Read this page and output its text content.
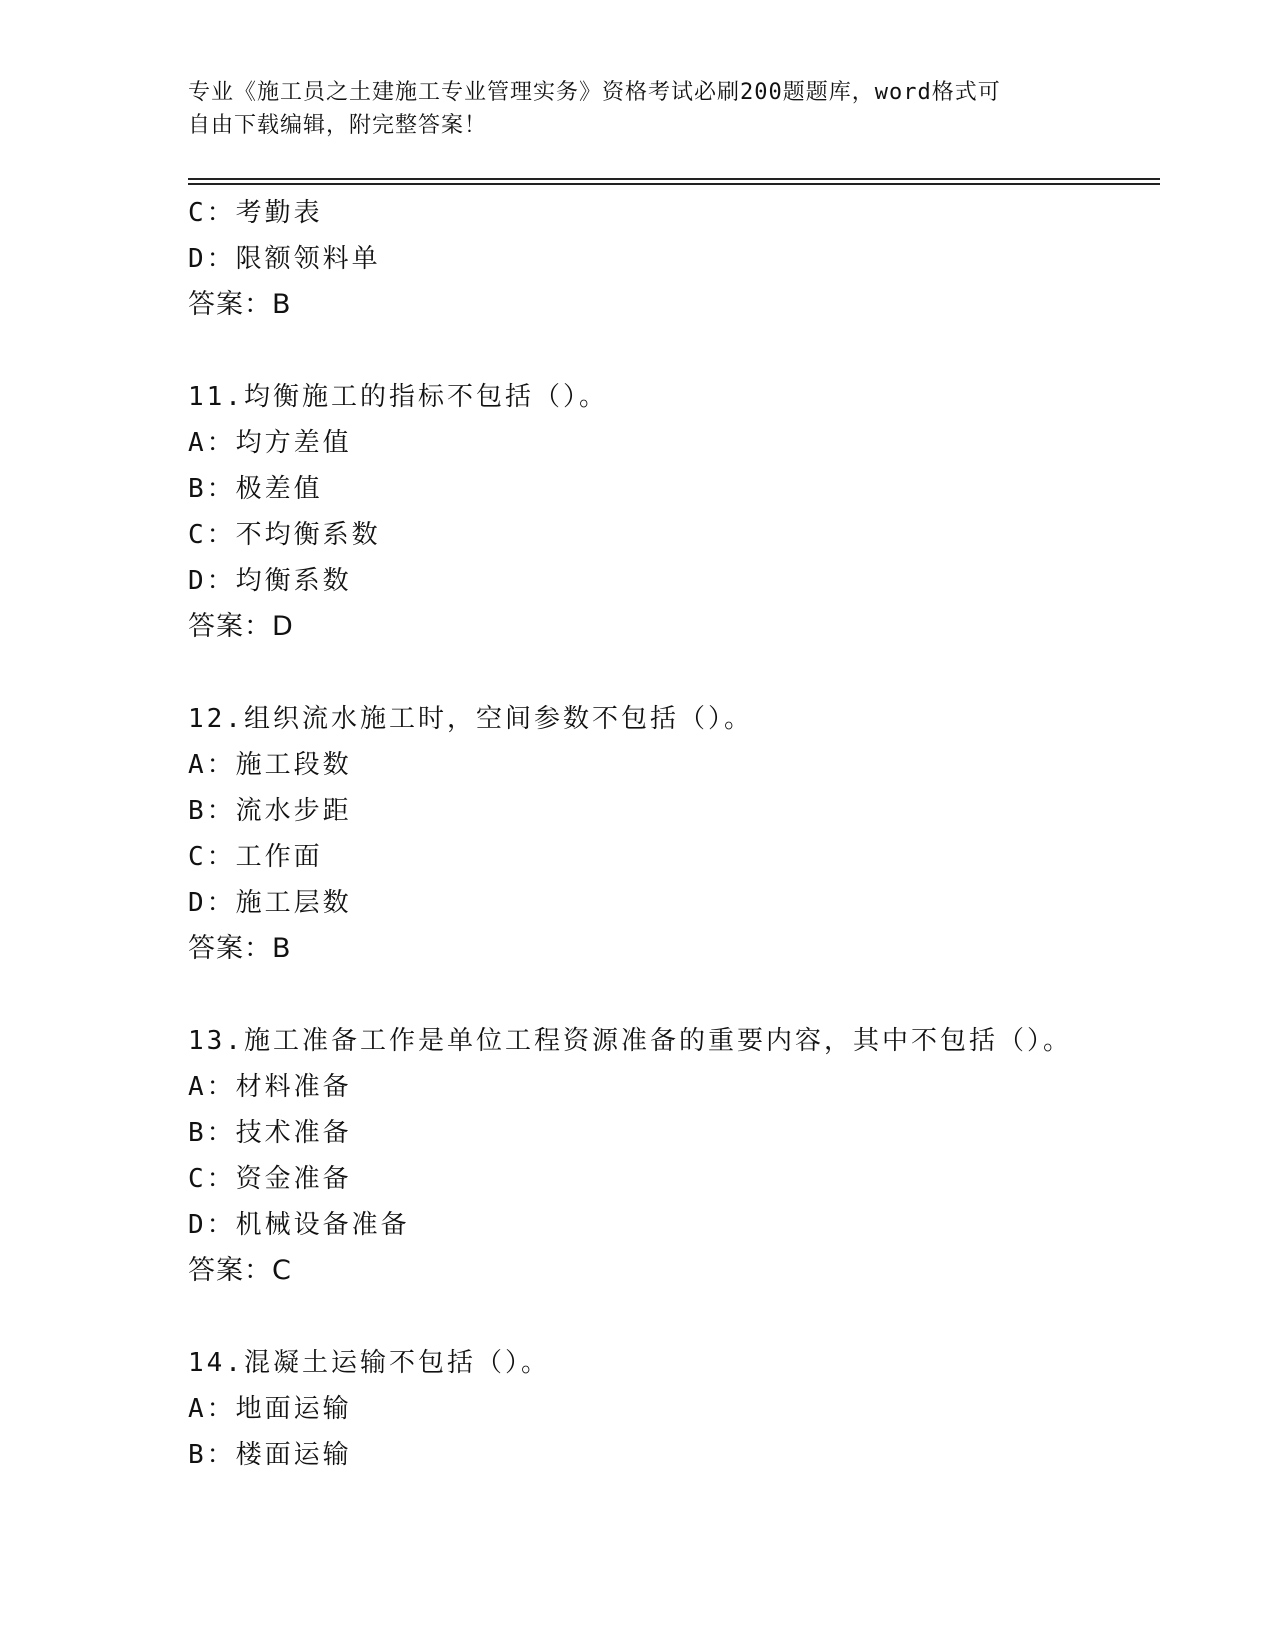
专业《施工员之土建施工专业管理实务》资格考试必刷200题题库，word格式可
自由下载编辑，附完整答案！
C：考勤表
D：限额领料单
答案：B
11.均衡施工的指标不包括（）。
A：均方差值
B：极差值
C：不均衡系数
D：均衡系数
答案：D
12.组织流水施工时，空间参数不包括（）。
A：施工段数
B：流水步距
C：工作面
D：施工层数
答案：B
13.施工准备工作是单位工程资源准备的重要内容，其中不包括（）。
A：材料准备
B：技术准备
C：资金准备
D：机械设备准备
答案：C
14.混凝土运输不包括（）。
A：地面运输
B：楼面运输
